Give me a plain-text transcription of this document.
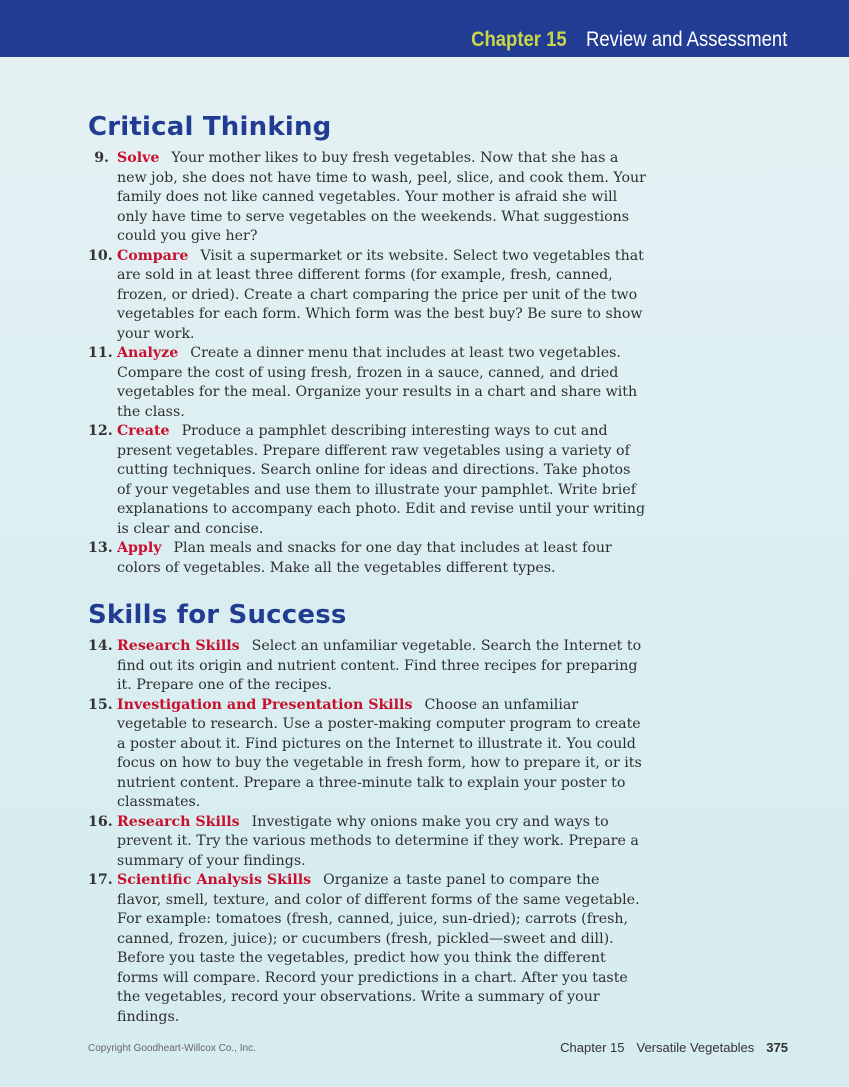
Chapter 15 Review and Assessment
Critical Thinking
9. Solve Your mother likes to buy fresh vegetables. Now that she has a new job, she does not have time to wash, peel, slice, and cook them. Your family does not like canned vegetables. Your mother is afraid she will only have time to serve vegetables on the weekends. What suggestions could you give her?
10. Compare Visit a supermarket or its website. Select two vegetables that are sold in at least three different forms (for example, fresh, canned, frozen, or dried). Create a chart comparing the price per unit of the two vegetables for each form. Which form was the best buy? Be sure to show your work.
11. Analyze Create a dinner menu that includes at least two vegetables. Compare the cost of using fresh, frozen in a sauce, canned, and dried vegetables for the meal. Organize your results in a chart and share with the class.
12. Create Produce a pamphlet describing interesting ways to cut and present vegetables. Prepare different raw vegetables using a variety of cutting techniques. Search online for ideas and directions. Take photos of your vegetables and use them to illustrate your pamphlet. Write brief explanations to accompany each photo. Edit and revise until your writing is clear and concise.
13. Apply Plan meals and snacks for one day that includes at least four colors of vegetables. Make all the vegetables different types.
Skills for Success
14. Research Skills Select an unfamiliar vegetable. Search the Internet to find out its origin and nutrient content. Find three recipes for preparing it. Prepare one of the recipes.
15. Investigation and Presentation Skills Choose an unfamiliar vegetable to research. Use a poster-making computer program to create a poster about it. Find pictures on the Internet to illustrate it. You could focus on how to buy the vegetable in fresh form, how to prepare it, or its nutrient content. Prepare a three-minute talk to explain your poster to classmates.
16. Research Skills Investigate why onions make you cry and ways to prevent it. Try the various methods to determine if they work. Prepare a summary of your findings.
17. Scientific Analysis Skills Organize a taste panel to compare the flavor, smell, texture, and color of different forms of the same vegetable. For example: tomatoes (fresh, canned, juice, sun-dried); carrots (fresh, canned, frozen, juice); or cucumbers (fresh, pickled—sweet and dill). Before you taste the vegetables, predict how you think the different forms will compare. Record your predictions in a chart. After you taste the vegetables, record your observations. Write a summary of your findings.
Copyright Goodheart-Willcox Co., Inc.	Chapter 15 Versatile Vegetables 375
